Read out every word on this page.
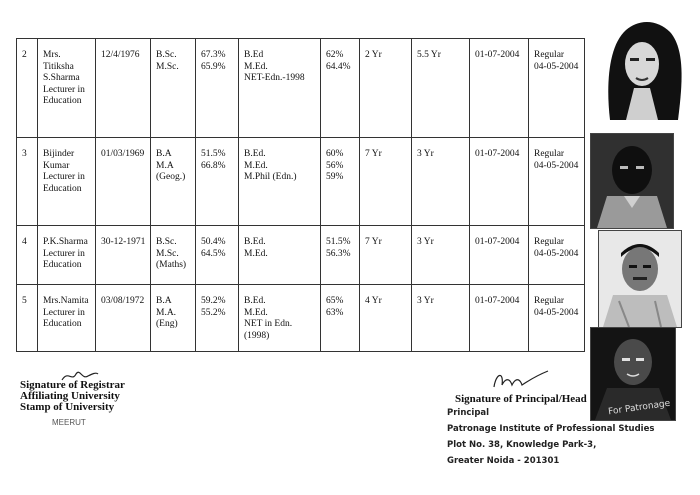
2	Mrs. Titiksha
S.Sharma
Lecturer in
Education	12/4/1976	B.Sc.
M.Sc.	67.3%
65.9%	B.Ed
M.Ed.
NET-Edn.-1998	62%
64.4%	2 Yr	5.5 Yr	01-07-2004	Regular
04-05-2004	
3	Bijinder
Kumar
Lecturer in
Education	01/03/1969	B.A
M.A
(Geog.)	51.5%
66.8%	B.Ed.
M.Ed.
M.Phil (Edn.)	60%
56%
59%	7 Yr	3 Yr	01-07-2004	Regular
04-05-2004	
4	P.K.Sharma
Lecturer in
Education	30-12-1971	B.Sc.
M.Sc.
(Maths)	50.4%
64.5%	B.Ed.
M.Ed.	51.5%
56.3%	7 Yr	3 Yr	01-07-2004	Regular
04-05-2004	
5	Mrs.Namita
Lecturer in
Education	03/08/1972	B.A
M.A.
(Eng)	59.2%
55.2%	B.Ed.
M.Ed.
NET in Edn.
(1998)	65%
63%	4 Yr	3 Yr	01-07-2004	Regular
04-05-2004	
Signature of Registrar
Affiliating University
Stamp of University
MEERUT
Signature of Principal/Head
Principal
Patronage Institute of Professional Studies
Plot No. 38, Knowledge Park-3,
Greater Noida - 201301
For Patronage
